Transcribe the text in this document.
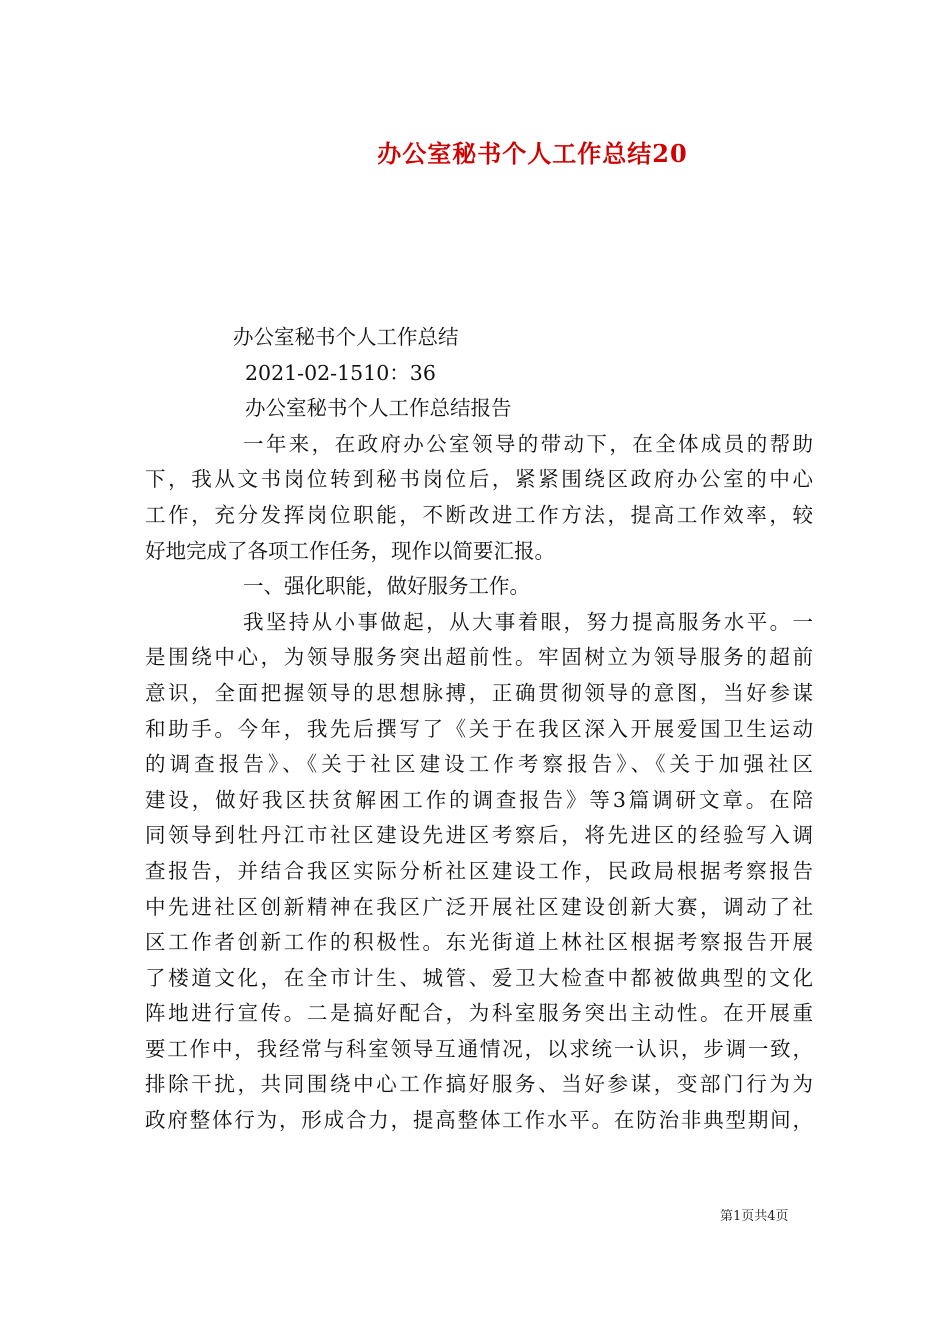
办公室秘书个人工作总结20
办公室秘书个人工作总结
2021-02-1510：36
办公室秘书个人工作总结报告
一年来，在政府办公室领导的带动下，在全体成员的帮助
下，我从文书岗位转到秘书岗位后，紧紧围绕区政府办公室的中心
工作，充分发挥岗位职能，不断改进工作方法，提高工作效率，较
好地完成了各项工作任务，现作以简要汇报。
一、强化职能，做好服务工作。
我坚持从小事做起，从大事着眼，努力提高服务水平。一
是围绕中心，为领导服务突出超前性。牢固树立为领导服务的超前
意识，全面把握领导的思想脉搏，正确贯彻领导的意图，当好参谋
和助手。今年，我先后撰写了《关于在我区深入开展爱国卫生运动
的调查报告》、《关于社区建设工作考察报告》、《关于加强社区
建设，做好我区扶贫解困工作的调查报告》等3篇调研文章。在陪
同领导到牡丹江市社区建设先进区考察后，将先进区的经验写入调
查报告，并结合我区实际分析社区建设工作，民政局根据考察报告
中先进社区创新精神在我区广泛开展社区建设创新大赛，调动了社
区工作者创新工作的积极性。东光街道上林社区根据考察报告开展
了楼道文化，在全市计生、城管、爱卫大检查中都被做典型的文化
阵地进行宣传。二是搞好配合，为科室服务突出主动性。在开展重
要工作中，我经常与科室领导互通情况，以求统一认识，步调一致，
排除干扰，共同围绕中心工作搞好服务、当好参谋，变部门行为为
政府整体行为，形成合力，提高整体工作水平。在防治非典型期间，
第1页共4页
